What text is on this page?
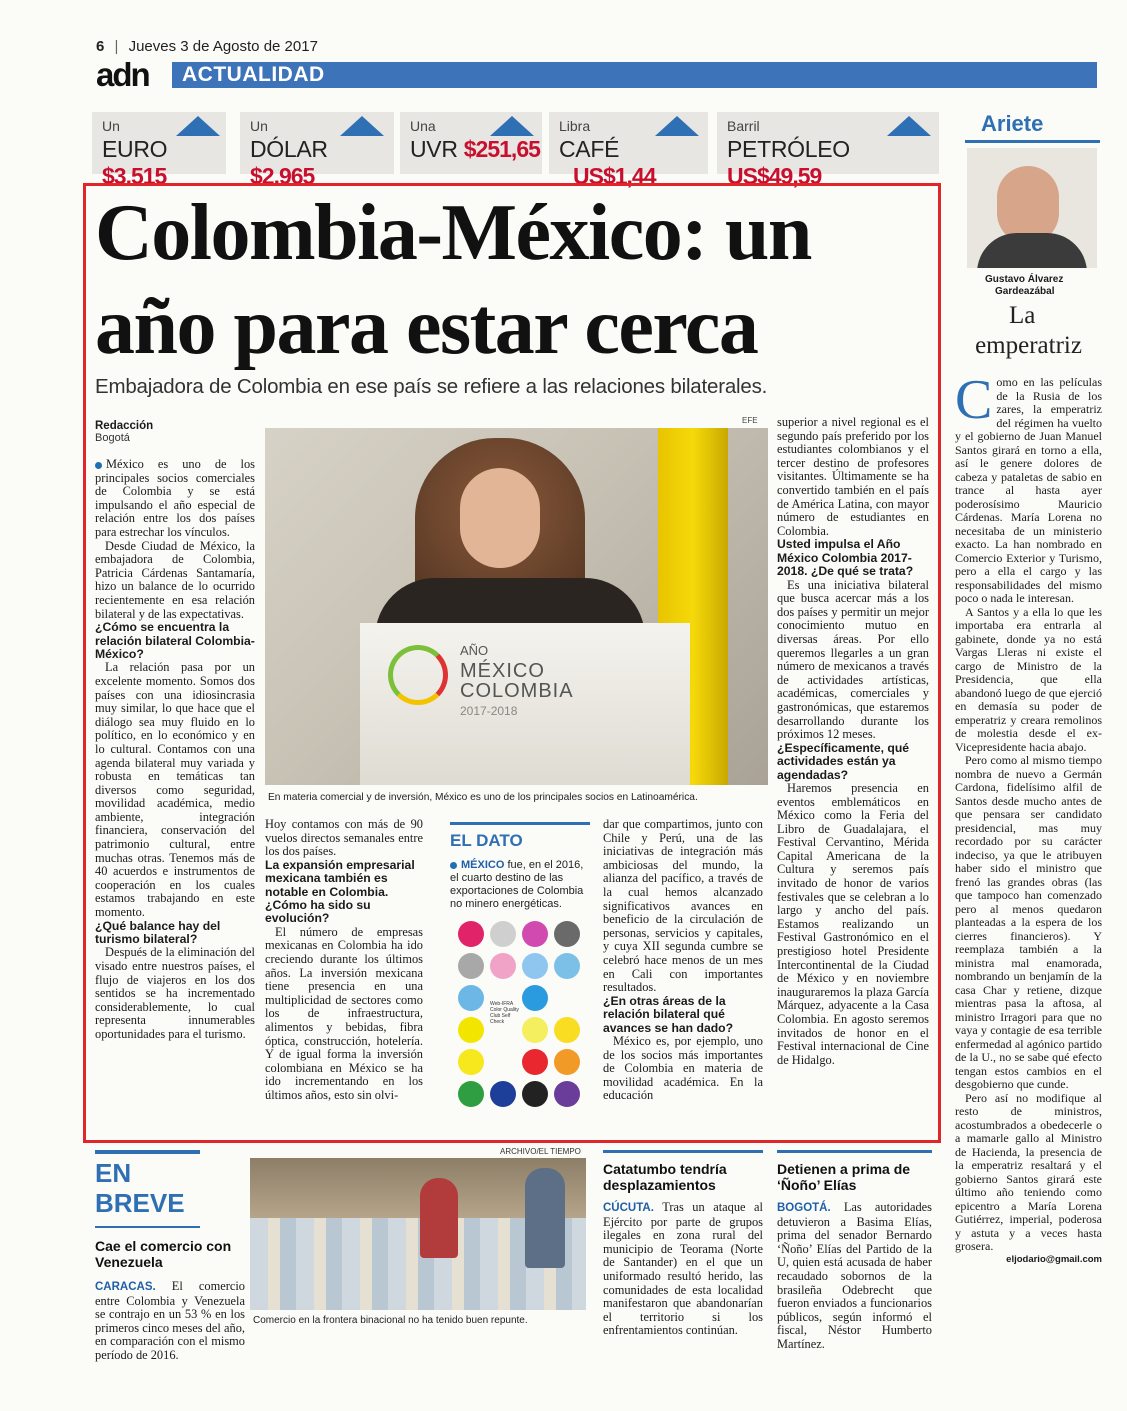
6 | Jueves 3 de Agosto de 2017
adn ACTUALIDAD
Un
EURO $3.515
Un
DÓLAR $2.965
Una
UVR $251,65
Libra
CAFÉ US$1,44
Barril
PETRÓLEO US$49,59
Colombia-México: un
año para estar cerca
Embajadora de Colombia en ese país se refiere a las relaciones bilaterales.
Redacción
Bogotá

México es uno de los principales socios comerciales de Colombia y se está impulsando el año especial de relación entre los dos países para estrechar los vínculos.

Desde Ciudad de México, la embajadora de Colombia, Patricia Cárdenas Santamaría, hizo un balance de lo ocurrido recientemente en esa relación bilateral y de las expectativas.

¿Cómo se encuentra la relación bilateral Colombia-México?

La relación pasa por un excelente momento. Somos dos países con una idiosincrasia muy similar, lo que hace que el diálogo sea muy fluido en lo político, en lo económico y en lo cultural. Contamos con una agenda bilateral muy variada y robusta en temáticas tan diversos como seguridad, movilidad académica, medio ambiente, integración financiera, conservación del patrimonio cultural, entre muchas otras. Tenemos más de 40 acuerdos e instrumentos de cooperación en los cuales estamos trabajando en este momento.

¿Qué balance hay del turismo bilateral?

Después de la eliminación del visado entre nuestros países, el flujo de viajeros en los dos sentidos se ha incrementado considerablemente, lo cual representa innumerables oportunidades para el turismo.

AÑO
MÉXICO
COLOMBIA
2017-2018
EFE
En materia comercial y de inversión, México es uno de los principales socios en Latinoamérica.

Hoy contamos con más de 90 vuelos directos semanales entre los dos países.

La expansión empresarial mexicana también es notable en Colombia. ¿Cómo ha sido su evolución?

El número de empresas mexicanas en Colombia ha ido creciendo durante los últimos años. La inversión mexicana tiene presencia en una multiplicidad de sectores como los de infraestructura, alimentos y bebidas, fibra óptica, construcción, hotelería. Y de igual forma la inversión colombiana en México se ha ido incrementando en los últimos años, esto sin olvi-

EL DATO
MÉXICO fue, en el 2016, el cuarto destino de las exportaciones de Colombia no minero energéticas.
Web-IFRA Color Quality Club Self Check

dar que compartimos, junto con Chile y Perú, una de las iniciativas de integración más ambiciosas del mundo, la alianza del pacífico, a través de la cual hemos alcanzado significativos avances en beneficio de la circulación de personas, servicios y capitales, y cuya XII segunda cumbre se celebró hace menos de un mes en Cali con importantes resultados.

¿En otras áreas de la relación bilateral qué avances se han dado?

México es, por ejemplo, uno de los socios más importantes de Colombia en materia de movilidad académica. En la educación

superior a nivel regional es el segundo país preferido por los estudiantes colombianos y el tercer destino de profesores visitantes. Últimamente se ha convertido también en el país de América Latina, con mayor número de estudiantes en Colombia.

Usted impulsa el Año México Colombia 2017-2018. ¿De qué se trata?

Es una iniciativa bilateral que busca acercar más a los dos países y permitir un mejor conocimiento mutuo en diversas áreas. Por ello queremos llegarles a un gran número de mexicanos a través de actividades artísticas, académicas, comerciales y gastronómicas, que estaremos desarrollando durante los próximos 12 meses.

¿Específicamente, qué actividades están ya agendadas?

Haremos presencia en eventos emblemáticos en México como la Feria del Libro de Guadalajara, el Festival Cervantino, Mérida Capital Americana de la Cultura y seremos país invitado de honor de varios festivales que se celebran a lo largo y ancho del país. Estamos realizando un Festival Gastronómico en el prestigioso hotel Presidente Intercontinental de la Ciudad de México y en noviembre inauguraremos la plaza García Márquez, adyacente a la Casa Colombia. En agosto seremos invitados de honor en el Festival internacional de Cine de Hidalgo.

Ariete
Gustavo Álvarez
Gardeazábal
La
emperatriz

Como en las películas de la Rusia de los zares, la emperatriz del régimen ha vuelto y el gobierno de Juan Manuel Santos girará en torno a ella, así le genere dolores de cabeza y pataletas de sabio en trance al hasta ayer poderosísimo Mauricio Cárdenas. María Lorena no necesitaba de un ministerio exacto. La han nombrado en Comercio Exterior y Turismo, pero a ella el cargo y las responsabilidades del mismo poco o nada le interesan.

A Santos y a ella lo que les importaba era entrarla al gabinete, donde ya no está Vargas Lleras ni existe el cargo de Ministro de la Presidencia, que ella abandonó luego de que ejerció en demasía su poder de emperatriz y creara remolinos de molestia desde el ex-Vicepresidente hacia abajo.

Pero como al mismo tiempo nombra de nuevo a Germán Cardona, fidelísimo alfil de Santos desde mucho antes de que pensara ser candidato presidencial, mas muy recordado por su carácter indeciso, ya que le atribuyen haber sido el ministro que frenó las grandes obras (las que tampoco han comenzado pero al menos quedaron planteadas a la espera de los cierres financieros). Y reemplaza también a la ministra mal enamorada, nombrando un benjamín de la casa Char y retiene, dizque mientras pasa la aftosa, al ministro Irragori para que no vaya y contagie de esa terrible enfermedad al agónico partido de la U., no se sabe qué efecto tengan estos cambios en el desgobierno que cunde.

Pero así no modifique al resto de ministros, acostumbrados a obedecerle o a mamarle gallo al Ministro de Hacienda, la presencia de la emperatriz resaltará y el gobierno Santos girará este último año teniendo como epicentro a María Lorena Gutiérrez, imperial, poderosa y astuta y a veces hasta grosera.

eljodario@gmail.com
EN
BREVE
Cae el comercio con Venezuela

CARACAS. El comercio entre Colombia y Venezuela se contrajo en un 53 % en los primeros cinco meses del año, en comparación con el mismo período de 2016.

ARCHIVO/EL TIEMPO
Comercio en la frontera binacional no ha tenido buen repunte.
Catatumbo tendría desplazamientos

CÚCUTA. Tras un ataque al Ejército por parte de grupos ilegales en zona rural del municipio de Teorama (Norte de Santander) en el que un uniformado resultó herido, las comunidades de esta localidad manifestaron que abandonarían el territorio si los enfrentamientos continúan.

Detienen a prima de ‘Ñoño’ Elías

BOGOTÁ. Las autoridades detuvieron a Basima Elías, prima del senador Bernardo ‘Ñoño’ Elías del Partido de la U, quien está acusada de haber recaudado sobornos de la brasileña Odebrecht que fueron enviados a funcionarios públicos, según informó el fiscal, Néstor Humberto Martínez.
